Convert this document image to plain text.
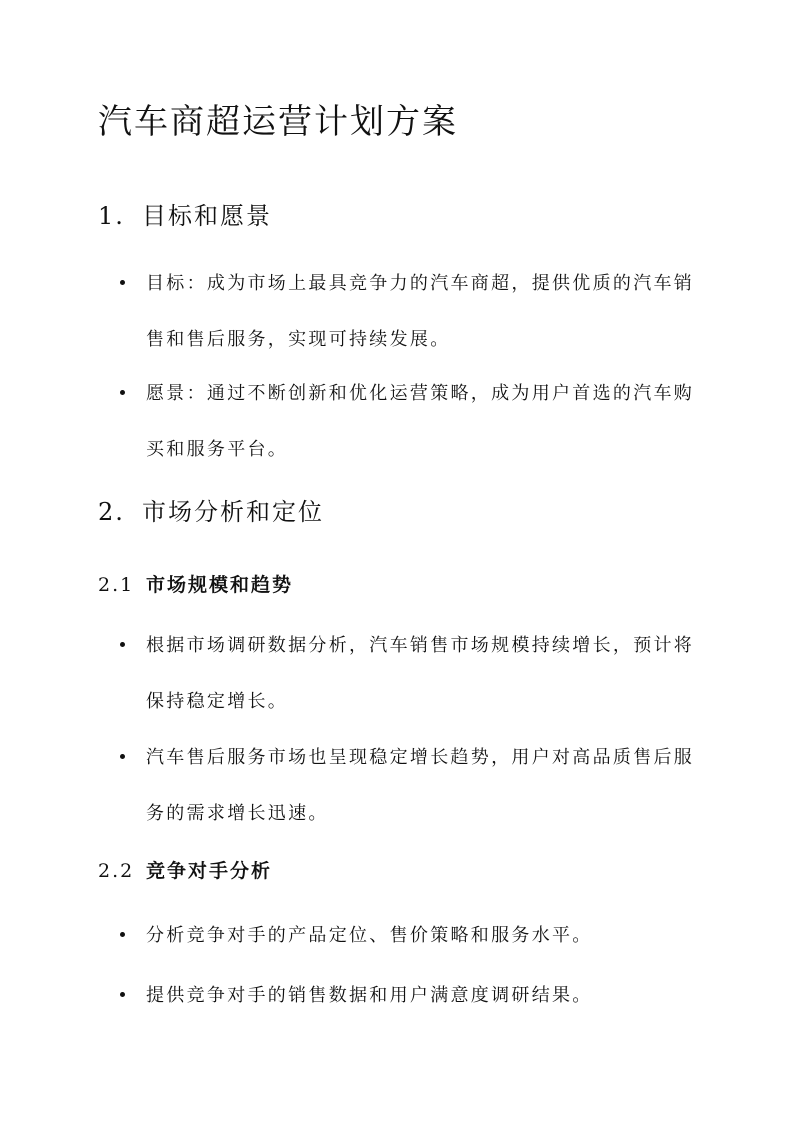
汽车商超运营计划方案
1. 目标和愿景

目标：成为市场上最具竞争力的汽车商超，提供优质的汽车销售和售后服务，实现可持续发展。

愿景：通过不断创新和优化运营策略，成为用户首选的汽车购买和服务平台。

2. 市场分析和定位
2.1 市场规模和趋势

根据市场调研数据分析，汽车销售市场规模持续增长，预计将保持稳定增长。

汽车售后服务市场也呈现稳定增长趋势，用户对高品质售后服务的需求增长迅速。

2.2 竞争对手分析

分析竞争对手的产品定位、售价策略和服务水平。

提供竞争对手的销售数据和用户满意度调研结果。
